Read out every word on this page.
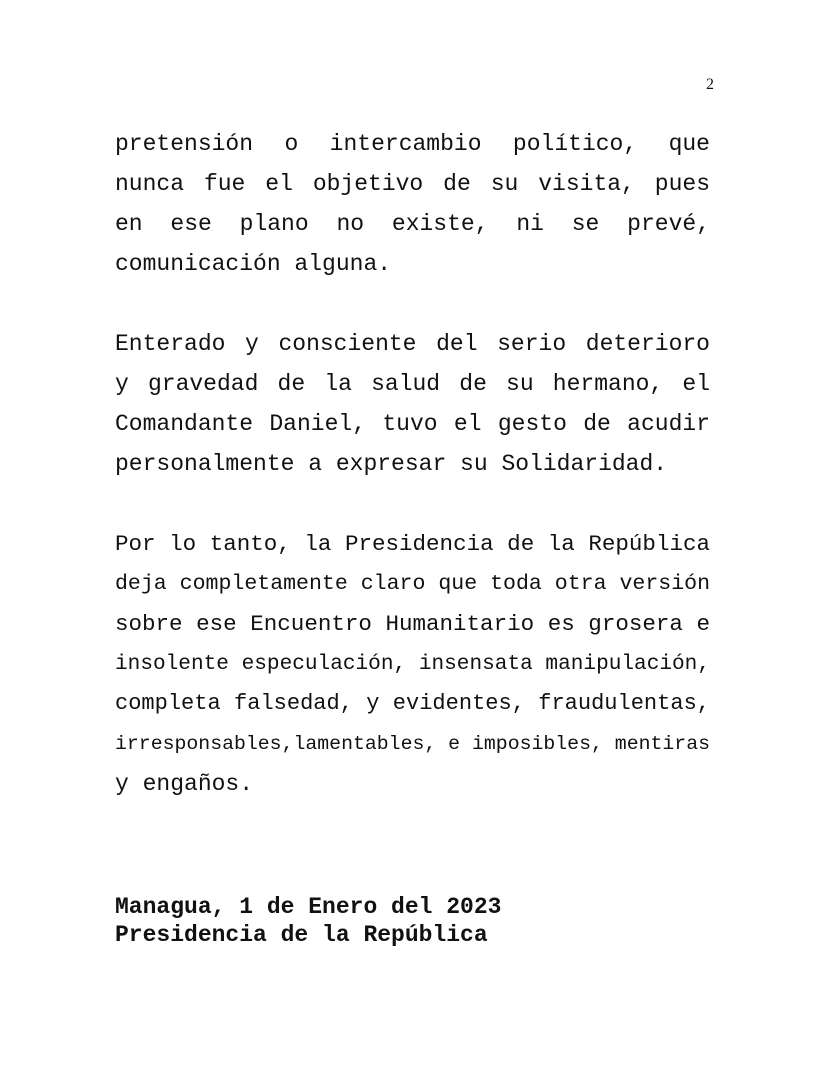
2
pretensión o intercambio político, que
nunca fue el objetivo de su visita, pues
en ese plano no existe, ni se prevé,
comunicación alguna.
Enterado y consciente del serio deterioro
y gravedad de la salud de su hermano, el
Comandante Daniel, tuvo el gesto de acudir
personalmente a expresar su Solidaridad.
Por lo tanto, la Presidencia de la República
deja completamente claro que toda otra versión
sobre ese Encuentro Humanitario es grosera e
insolente especulación, insensata manipulación,
completa falsedad, y evidentes, fraudulentas,
irresponsables,lamentables, e imposibles, mentiras
y engaños.
Managua, 1 de Enero del 2023
Presidencia de la República
